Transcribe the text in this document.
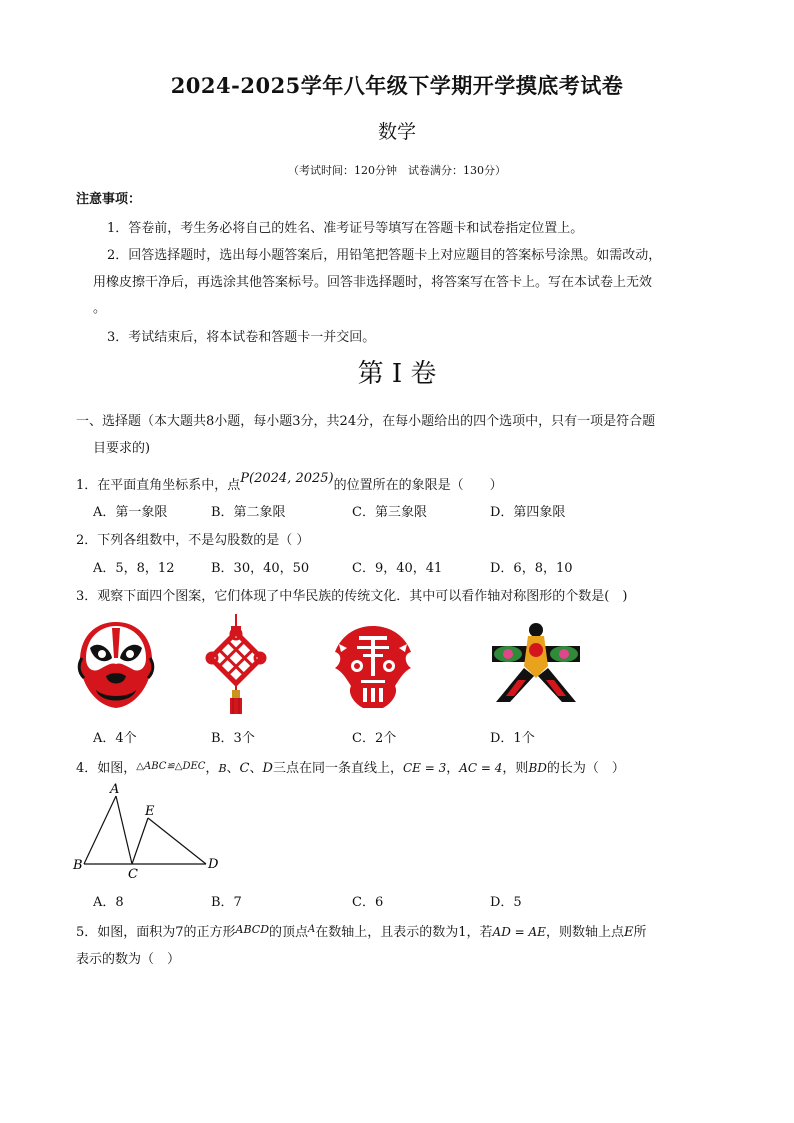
2024-2025学年八年级下学期开学摸底考试卷
数学
（考试时间：120分钟　试卷满分：130分）
注意事项：
1．答卷前，考生务必将自己的姓名、准考证号等填写在答题卡和试卷指定位置上。
2．回答选择题时，选出每小题答案后，用铅笔把答题卡上对应题目的答案标号涂黑。如需改动，
用橡皮擦干净后，再选涂其他答案标号。回答非选择题时，将答案写在答卡上。写在本试卷上无效
。
3．考试结束后，将本试卷和答题卡一并交回。
第 I 卷
一、选择题（本大题共8小题，每小题3分，共24分，在每小题给出的四个选项中，只有一项是符合题
目要求的)
1．在平面直角坐标系中，点P(2024, 2025)的位置所在的象限是（　　）
A．第一象限	B．第二象限	C．第三象限	D．第四象限
2．下列各组数中，不是勾股数的是（ ）
A．5，8，12	B．30，40，50	C．9，40，41	D．6，8，10
3．观察下面四个图案，它们体现了中华民族的传统文化．其中可以看作轴对称图形的个数是(　)
A．4个	B．3个	C．2个	D．1个
4．如图，$^{\triangle ABC≌\triangle DEC}$，B、C、D三点在同一条直线上，CE = 3，AC = 4，则BD的长为（　）
A
E
B
C
D
A．8	B．7	C．6	D．5
5．如图，面积为7的正方形$^{ABCD}$的顶点$^A$在数轴上，且表示的数为1，若AD = AE，则数轴上点E所
表示的数为（　）
